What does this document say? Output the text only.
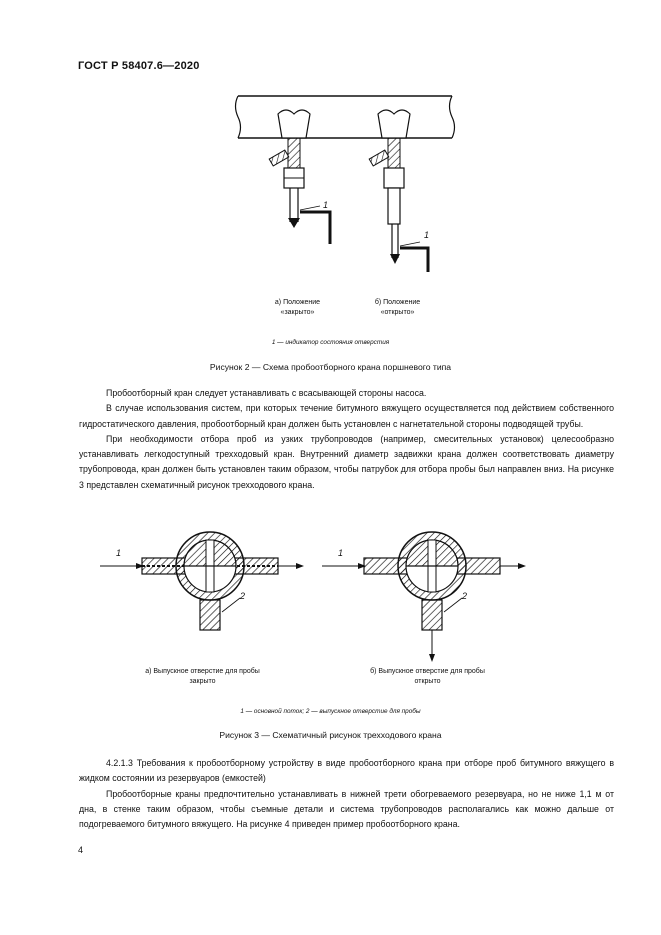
ГОСТ Р 58407.6—2020
1
1
а) Положение
«закрыто»
б) Положение
«открыто»
1 — индикатор состояния отверстия
Рисунок 2 — Схема пробоотборного крана поршневого типа

Пробоотборный кран следует устанавливать с всасывающей стороны насоса.

В случае использования систем, при которых течение битумного вяжущего осуществляется под действием собственного гидростатического давления, пробоотборный кран должен быть установлен с нагнетательной стороны подводящей трубы.

При необходимости отбора проб из узких трубопроводов (например, смесительных установок) целесообразно устанавливать легкодоступный трехходовый кран. Внутренний диаметр задвижки крана должен соответствовать диаметру трубопровода, кран должен быть установлен таким образом, чтобы патрубок для отбора пробы был направлен вниз. На рисунке 3 представлен схематичный рисунок трехходового крана.

1
2
1
2
а) Выпускное отверстие для пробы
закрыто
б) Выпускное отверстие для пробы
открыто
1 — основной поток; 2 — выпускное отверстие для пробы
Рисунок 3 — Схематичный рисунок трехходового крана

4.2.1.3 Требования к пробоотборному устройству в виде пробоотборного крана при отборе проб битумного вяжущего в жидком состоянии из резервуаров (емкостей)

Пробоотборные краны предпочтительно устанавливать в нижней трети обогреваемого резервуара, но не ниже 1,1 м от дна, в стенке таким образом, чтобы съемные детали и система трубопроводов располагались как можно дальше от подогреваемого битумного вяжущего. На рисунке 4 приведен пример пробоотборного крана.

4
